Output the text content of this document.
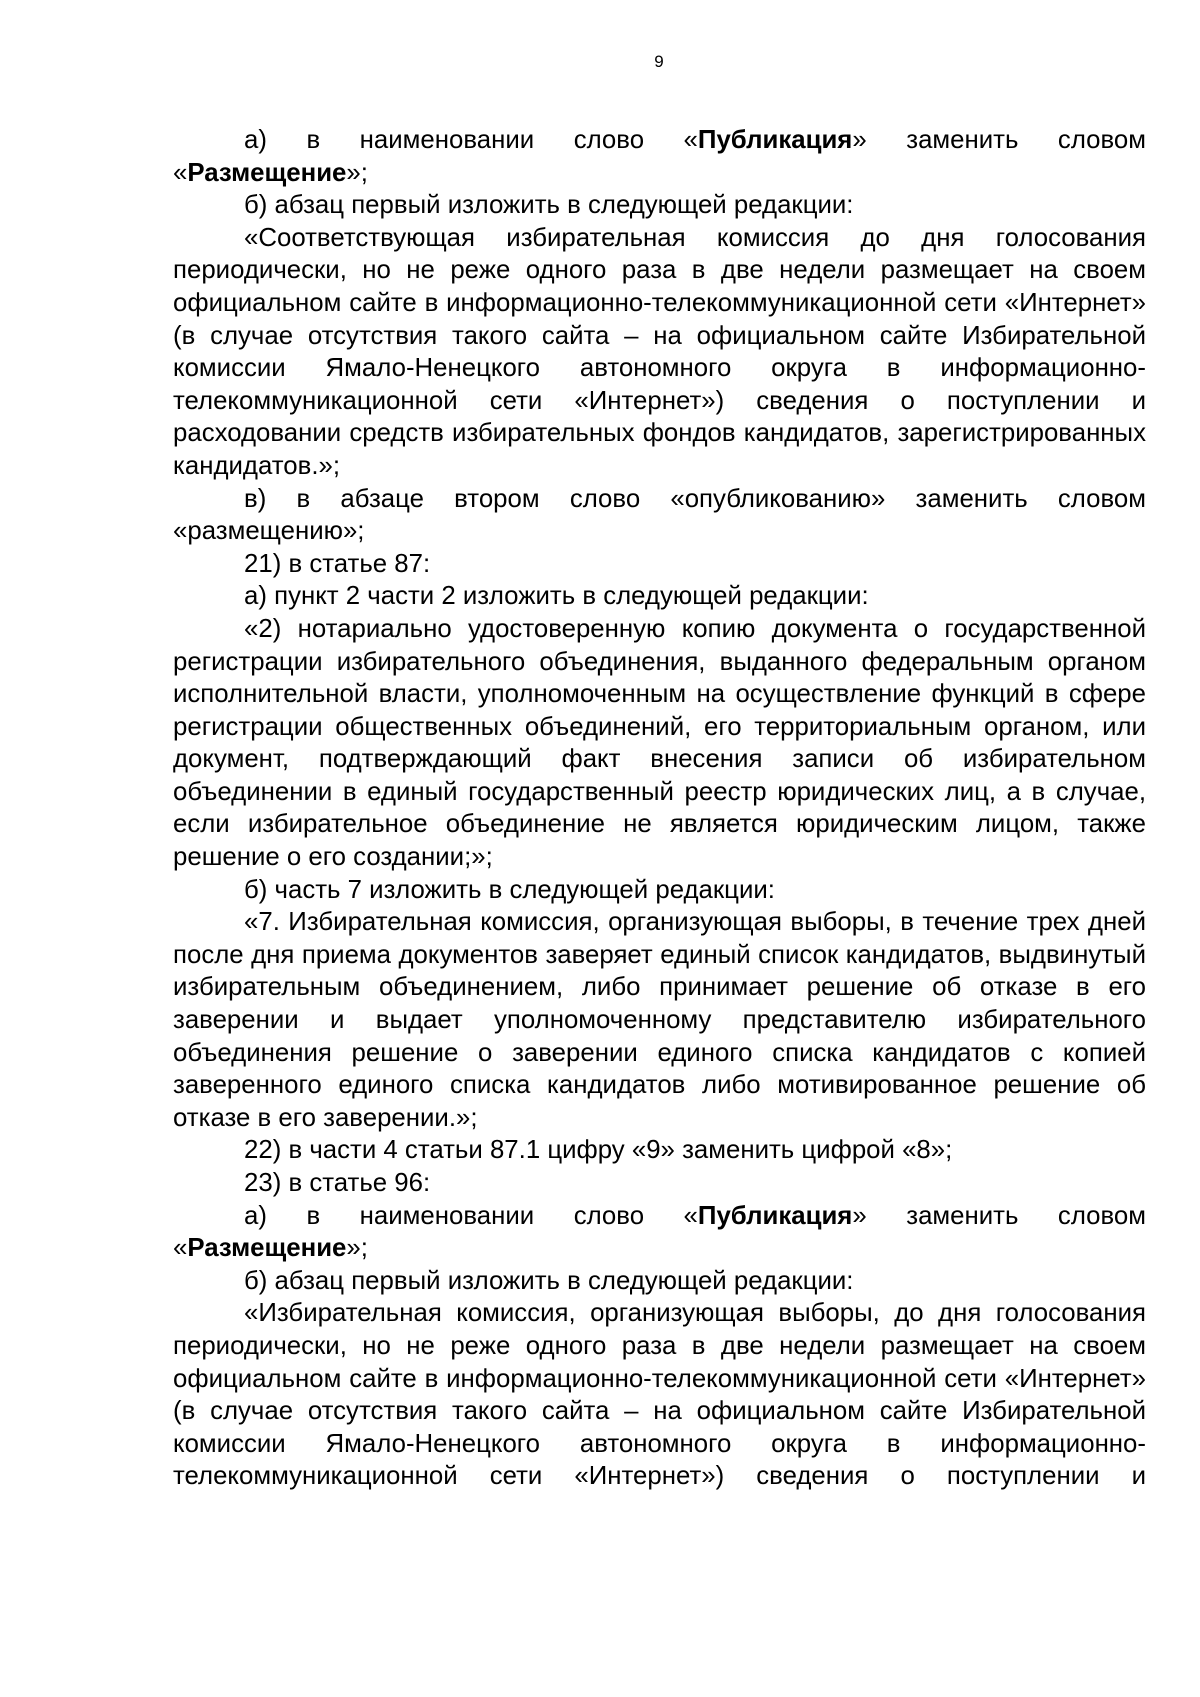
9

а) в наименовании слово «Публикация» заменить словом «Размещение»;

б) абзац первый изложить в следующей редакции:

«Соответствующая избирательная комиссия до дня голосования периодически, но не реже одного раза в две недели размещает на своем официальном сайте в информационно-телекоммуникационной сети «Интернет» (в случае отсутствия такого сайта – на официальном сайте Избирательной комиссии Ямало-Ненецкого автономного округа в информационно-телекоммуникационной сети «Интернет») сведения о поступлении и расходовании средств избирательных фондов кандидатов, зарегистрированных кандидатов.»;

в) в абзаце втором слово «опубликованию» заменить словом «размещению»;

21) в статье 87:

а) пункт 2 части 2 изложить в следующей редакции:

«2) нотариально удостоверенную копию документа о государственной регистрации избирательного объединения, выданного федеральным органом исполнительной власти, уполномоченным на осуществление функций в сфере регистрации общественных объединений, его территориальным органом, или документ, подтверждающий факт внесения записи об избирательном объединении в единый государственный реестр юридических лиц, а в случае, если избирательное объединение не является юридическим лицом, также решение о его создании;»;

б) часть 7 изложить в следующей редакции:

«7. Избирательная комиссия, организующая выборы, в течение трех дней после дня приема документов заверяет единый список кандидатов, выдвинутый избирательным объединением, либо принимает решение об отказе в его заверении и выдает уполномоченному представителю избирательного объединения решение о заверении единого списка кандидатов с копией заверенного единого списка кандидатов либо мотивированное решение об отказе в его заверении.»;

22) в части 4 статьи 87.1 цифру «9» заменить цифрой «8»;

23) в статье 96:

а) в наименовании слово «Публикация» заменить словом «Размещение»;

б) абзац первый изложить в следующей редакции:

«Избирательная комиссия, организующая выборы, до дня голосования периодически, но не реже одного раза в две недели размещает на своем официальном сайте в информационно-телекоммуникационной сети «Интернет» (в случае отсутствия такого сайта – на официальном сайте Избирательной комиссии Ямало-Ненецкого автономного округа в информационно-телекоммуникационной сети «Интернет») сведения о поступлении и
